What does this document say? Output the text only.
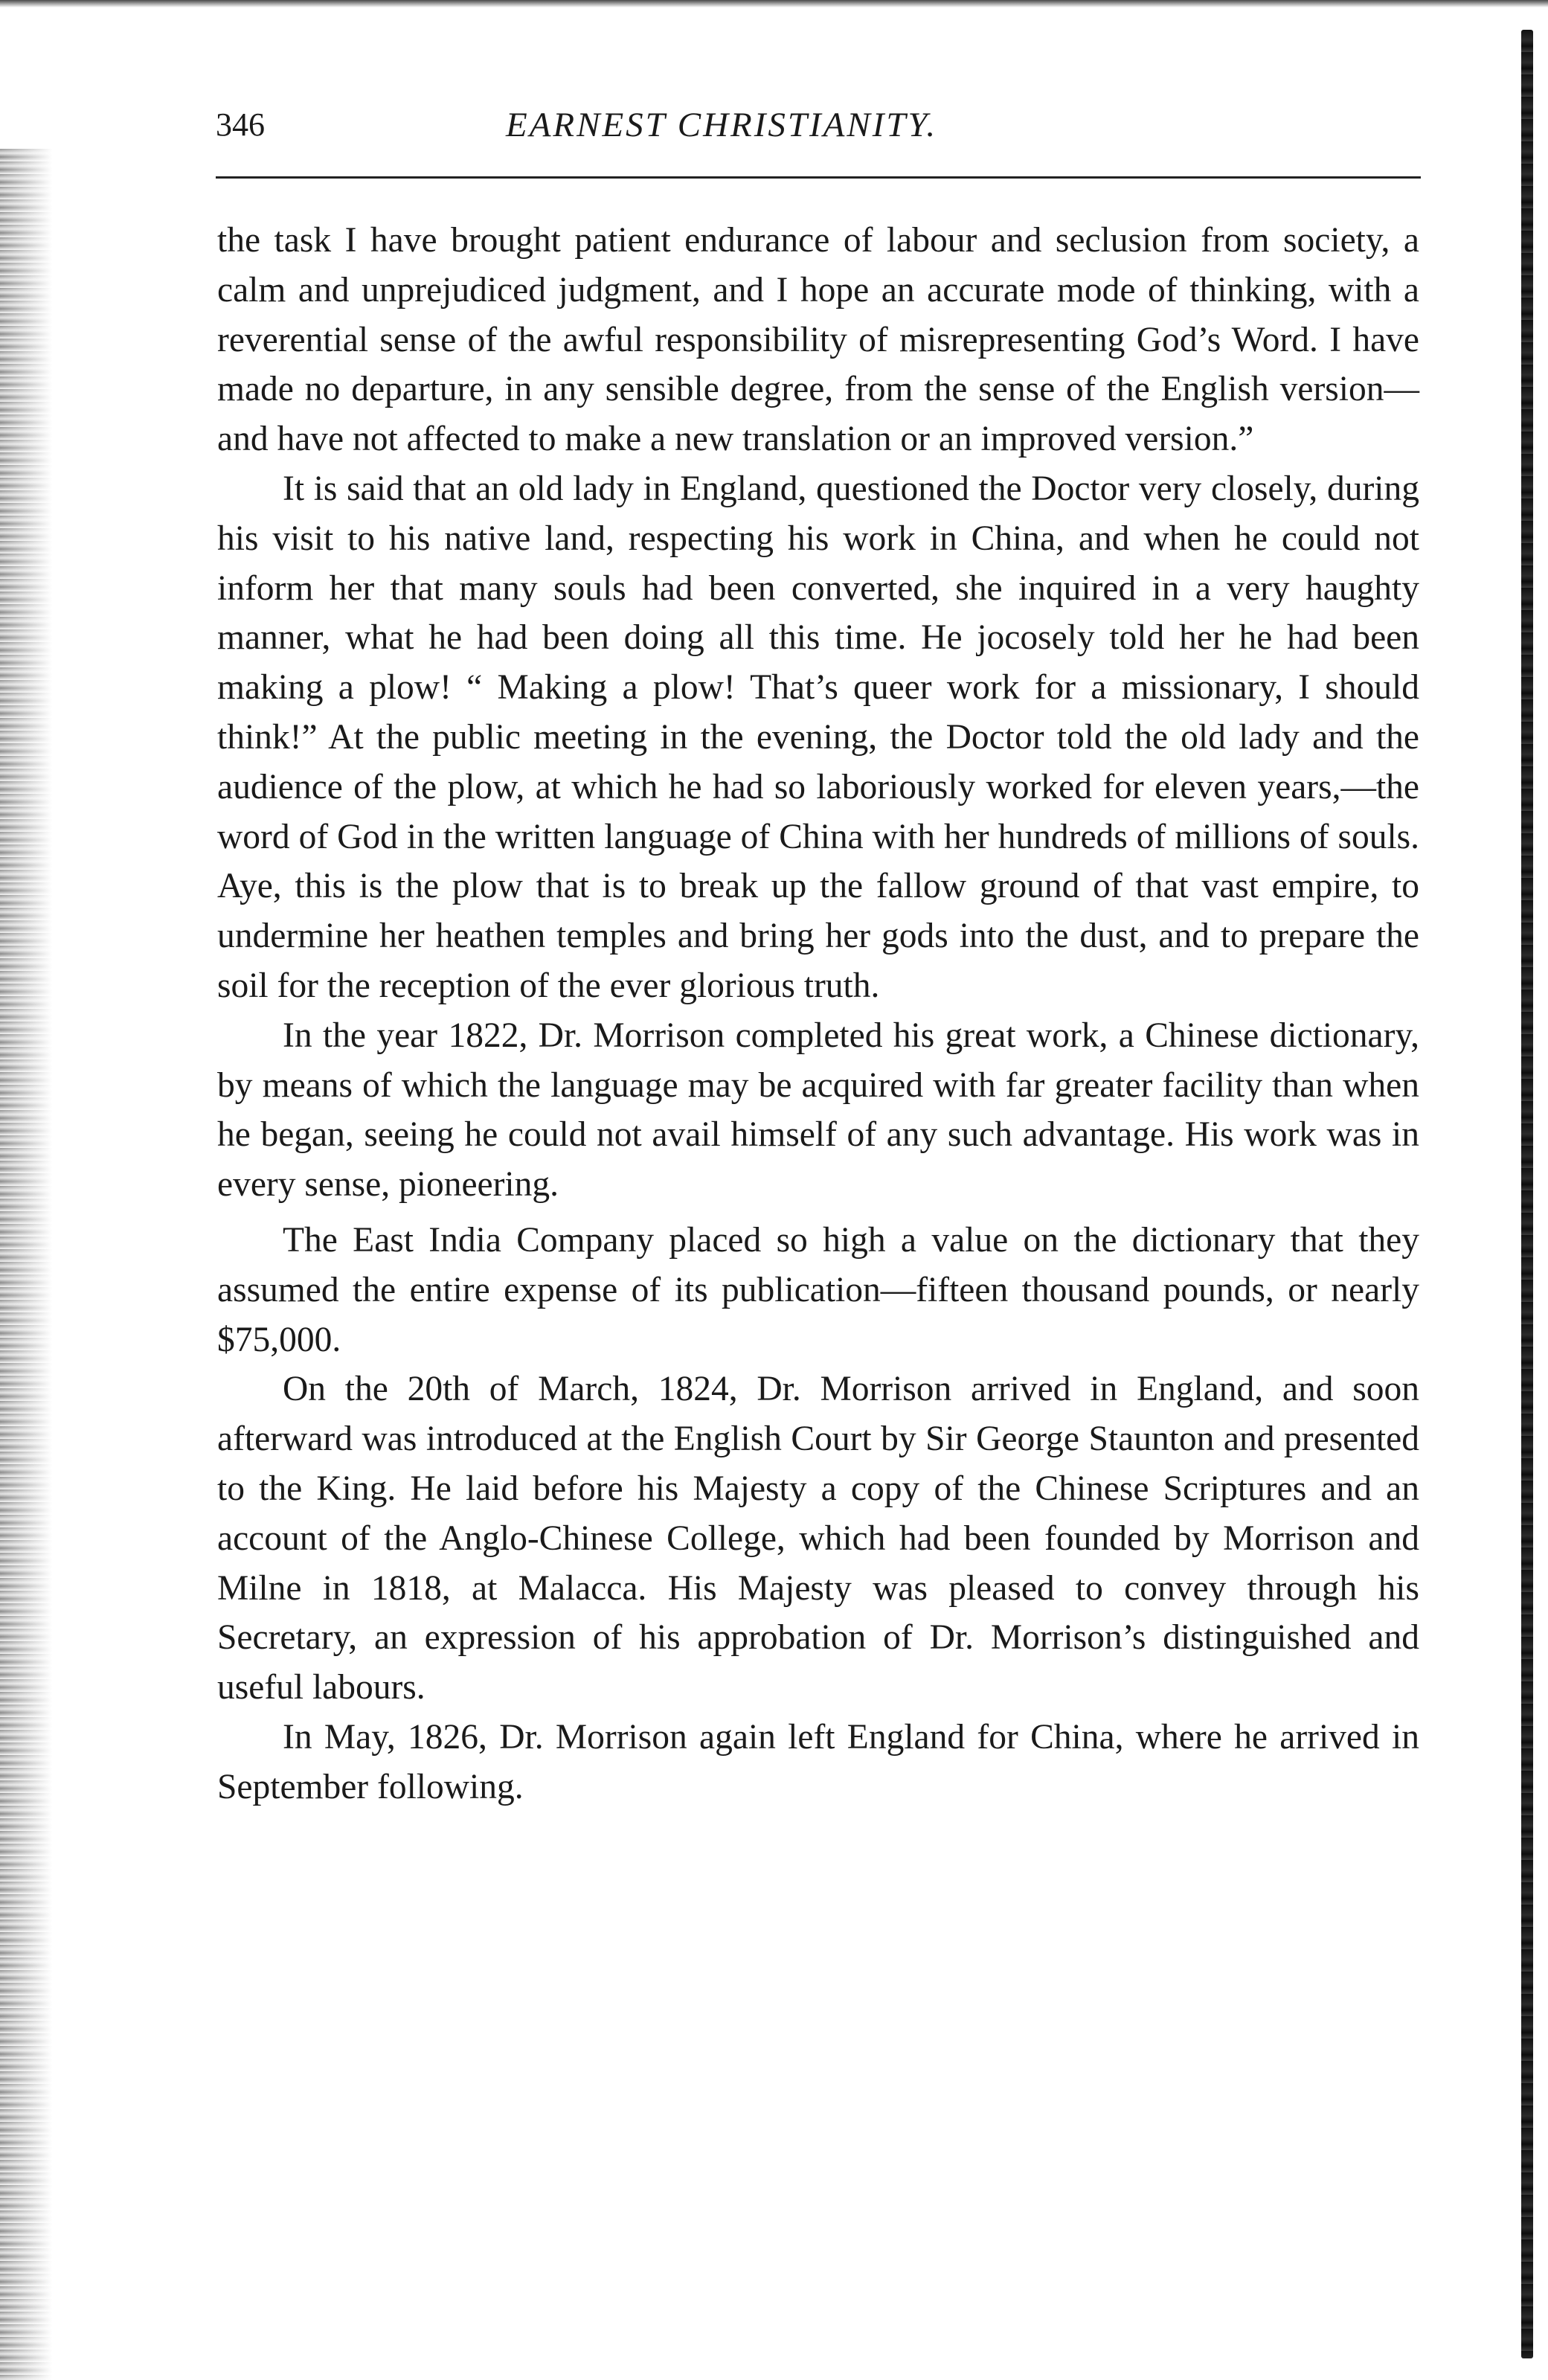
346	EARNEST CHRISTIANITY.

the task I have brought patient endurance of labour and seclusion from society, a calm and unprejudiced judgment, and I hope an accurate mode of thinking, with a reverential sense of the awful responsibility of misrepresenting God’s Word. I have made no departure, in any sensible degree, from the sense of the English version—and have not affected to make a new translation or an improved version.”

It is said that an old lady in England, questioned the Doctor very closely, during his visit to his native land, respecting his work in China, and when he could not inform her that many souls had been converted, she inquired in a very haughty manner, what he had been doing all this time. He jocosely told her he had been making a plow! “ Making a plow! That’s queer work for a missionary, I should think!” At the public meeting in the evening, the Doctor told the old lady and the audience of the plow, at which he had so laboriously worked for eleven years,—the word of God in the written language of China with her hundreds of millions of souls. Aye, this is the plow that is to break up the fallow ground of that vast empire, to undermine her heathen temples and bring her gods into the dust, and to prepare the soil for the reception of the ever glorious truth.

In the year 1822, Dr. Morrison completed his great work, a Chinese dictionary, by means of which the language may be acquired with far greater facility than when he began, seeing he could not avail himself of any such advantage. His work was in every sense, pioneering.

The East India Company placed so high a value on the dictionary that they assumed the entire expense of its publication—fifteen thousand pounds, or nearly $75,000.

On the 20th of March, 1824, Dr. Morrison arrived in England, and soon afterward was introduced at the English Court by Sir George Staunton and presented to the King. He laid before his Majesty a copy of the Chinese Scriptures and an account of the Anglo-Chinese College, which had been founded by Morrison and Milne in 1818, at Malacca. His Majesty was pleased to convey through his Secretary, an expression of his approbation of Dr. Morrison’s distinguished and useful labours.

In May, 1826, Dr. Morrison again left England for China, where he arrived in September following.
